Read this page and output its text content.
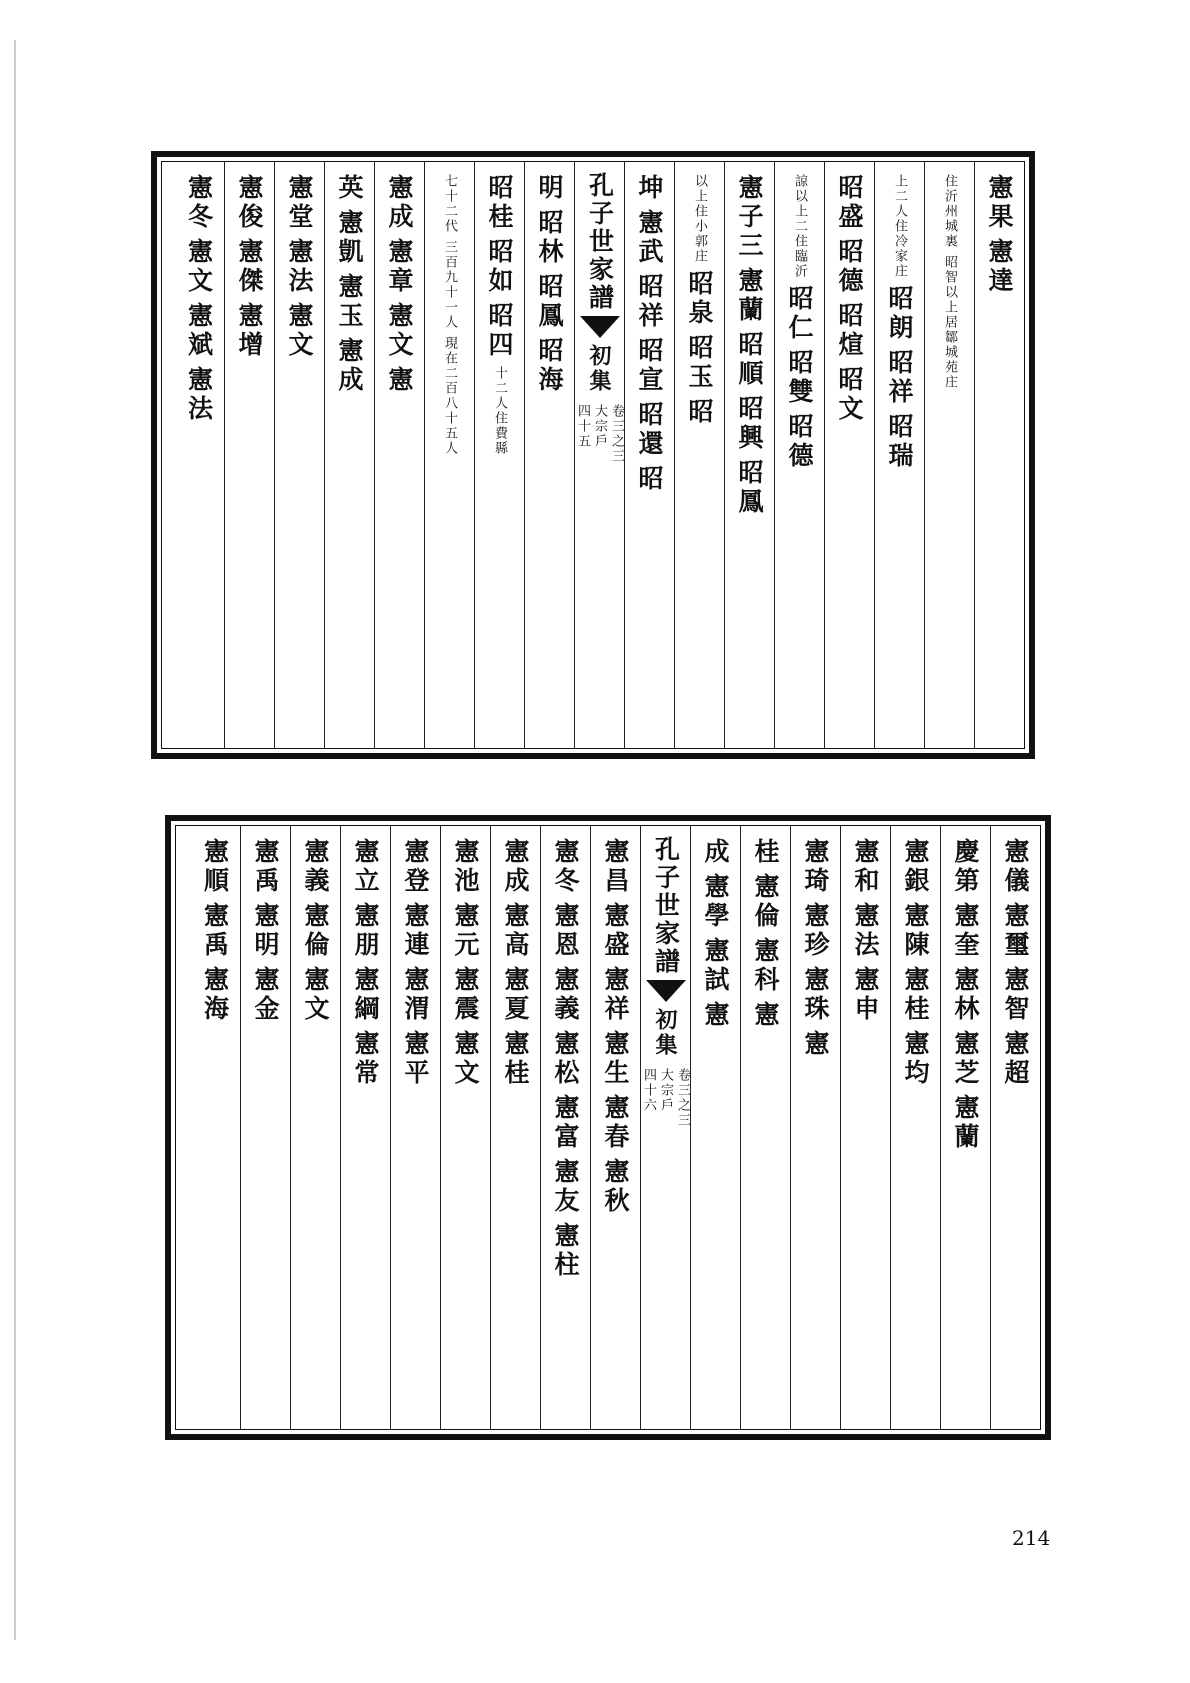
憲果
憲達
住沂州城裏
昭智以上居鄒城苑庄
上二人住冷家庄
昭朗
昭祥
昭瑞
昭盛
昭德
昭煊
昭文
諒以上二住臨沂
昭仁
昭雙
昭德
憲子三
憲蘭
昭順
昭興
昭鳳
以上住小郭庄
昭泉
昭玉
昭
坤
憲武
昭祥
昭宣
昭還
昭
孔子世家譜
初集
卷三之三
大宗戶
四十五
明
昭林
昭鳳
昭海
昭桂
昭如
昭四
十二人住費縣
七十二代
三百九十一人
現在二百八十五人
憲成
憲章
憲文
憲
英
憲凱
憲玉
憲成
憲堂
憲法
憲文
憲俊
憲傑
憲增
憲冬
憲文
憲斌
憲法
憲儀
憲璽
憲智
憲超
慶第
憲奎
憲林
憲芝
憲蘭
憲銀
憲陳
憲桂
憲均
憲和
憲法
憲申
憲琦
憲珍
憲珠
憲
桂
憲倫
憲科
憲
成
憲學
憲試
憲
孔子世家譜
初集
卷三之三
大宗戶
四十六
憲昌
憲盛
憲祥
憲生
憲春
憲秋
憲冬
憲恩
憲義
憲松
憲富
憲友
憲柱
憲成
憲高
憲夏
憲桂
憲池
憲元
憲震
憲文
憲登
憲連
憲渭
憲平
憲立
憲朋
憲綱
憲常
憲義
憲倫
憲文
憲禹
憲明
憲金
憲順
憲禹
憲海
214
